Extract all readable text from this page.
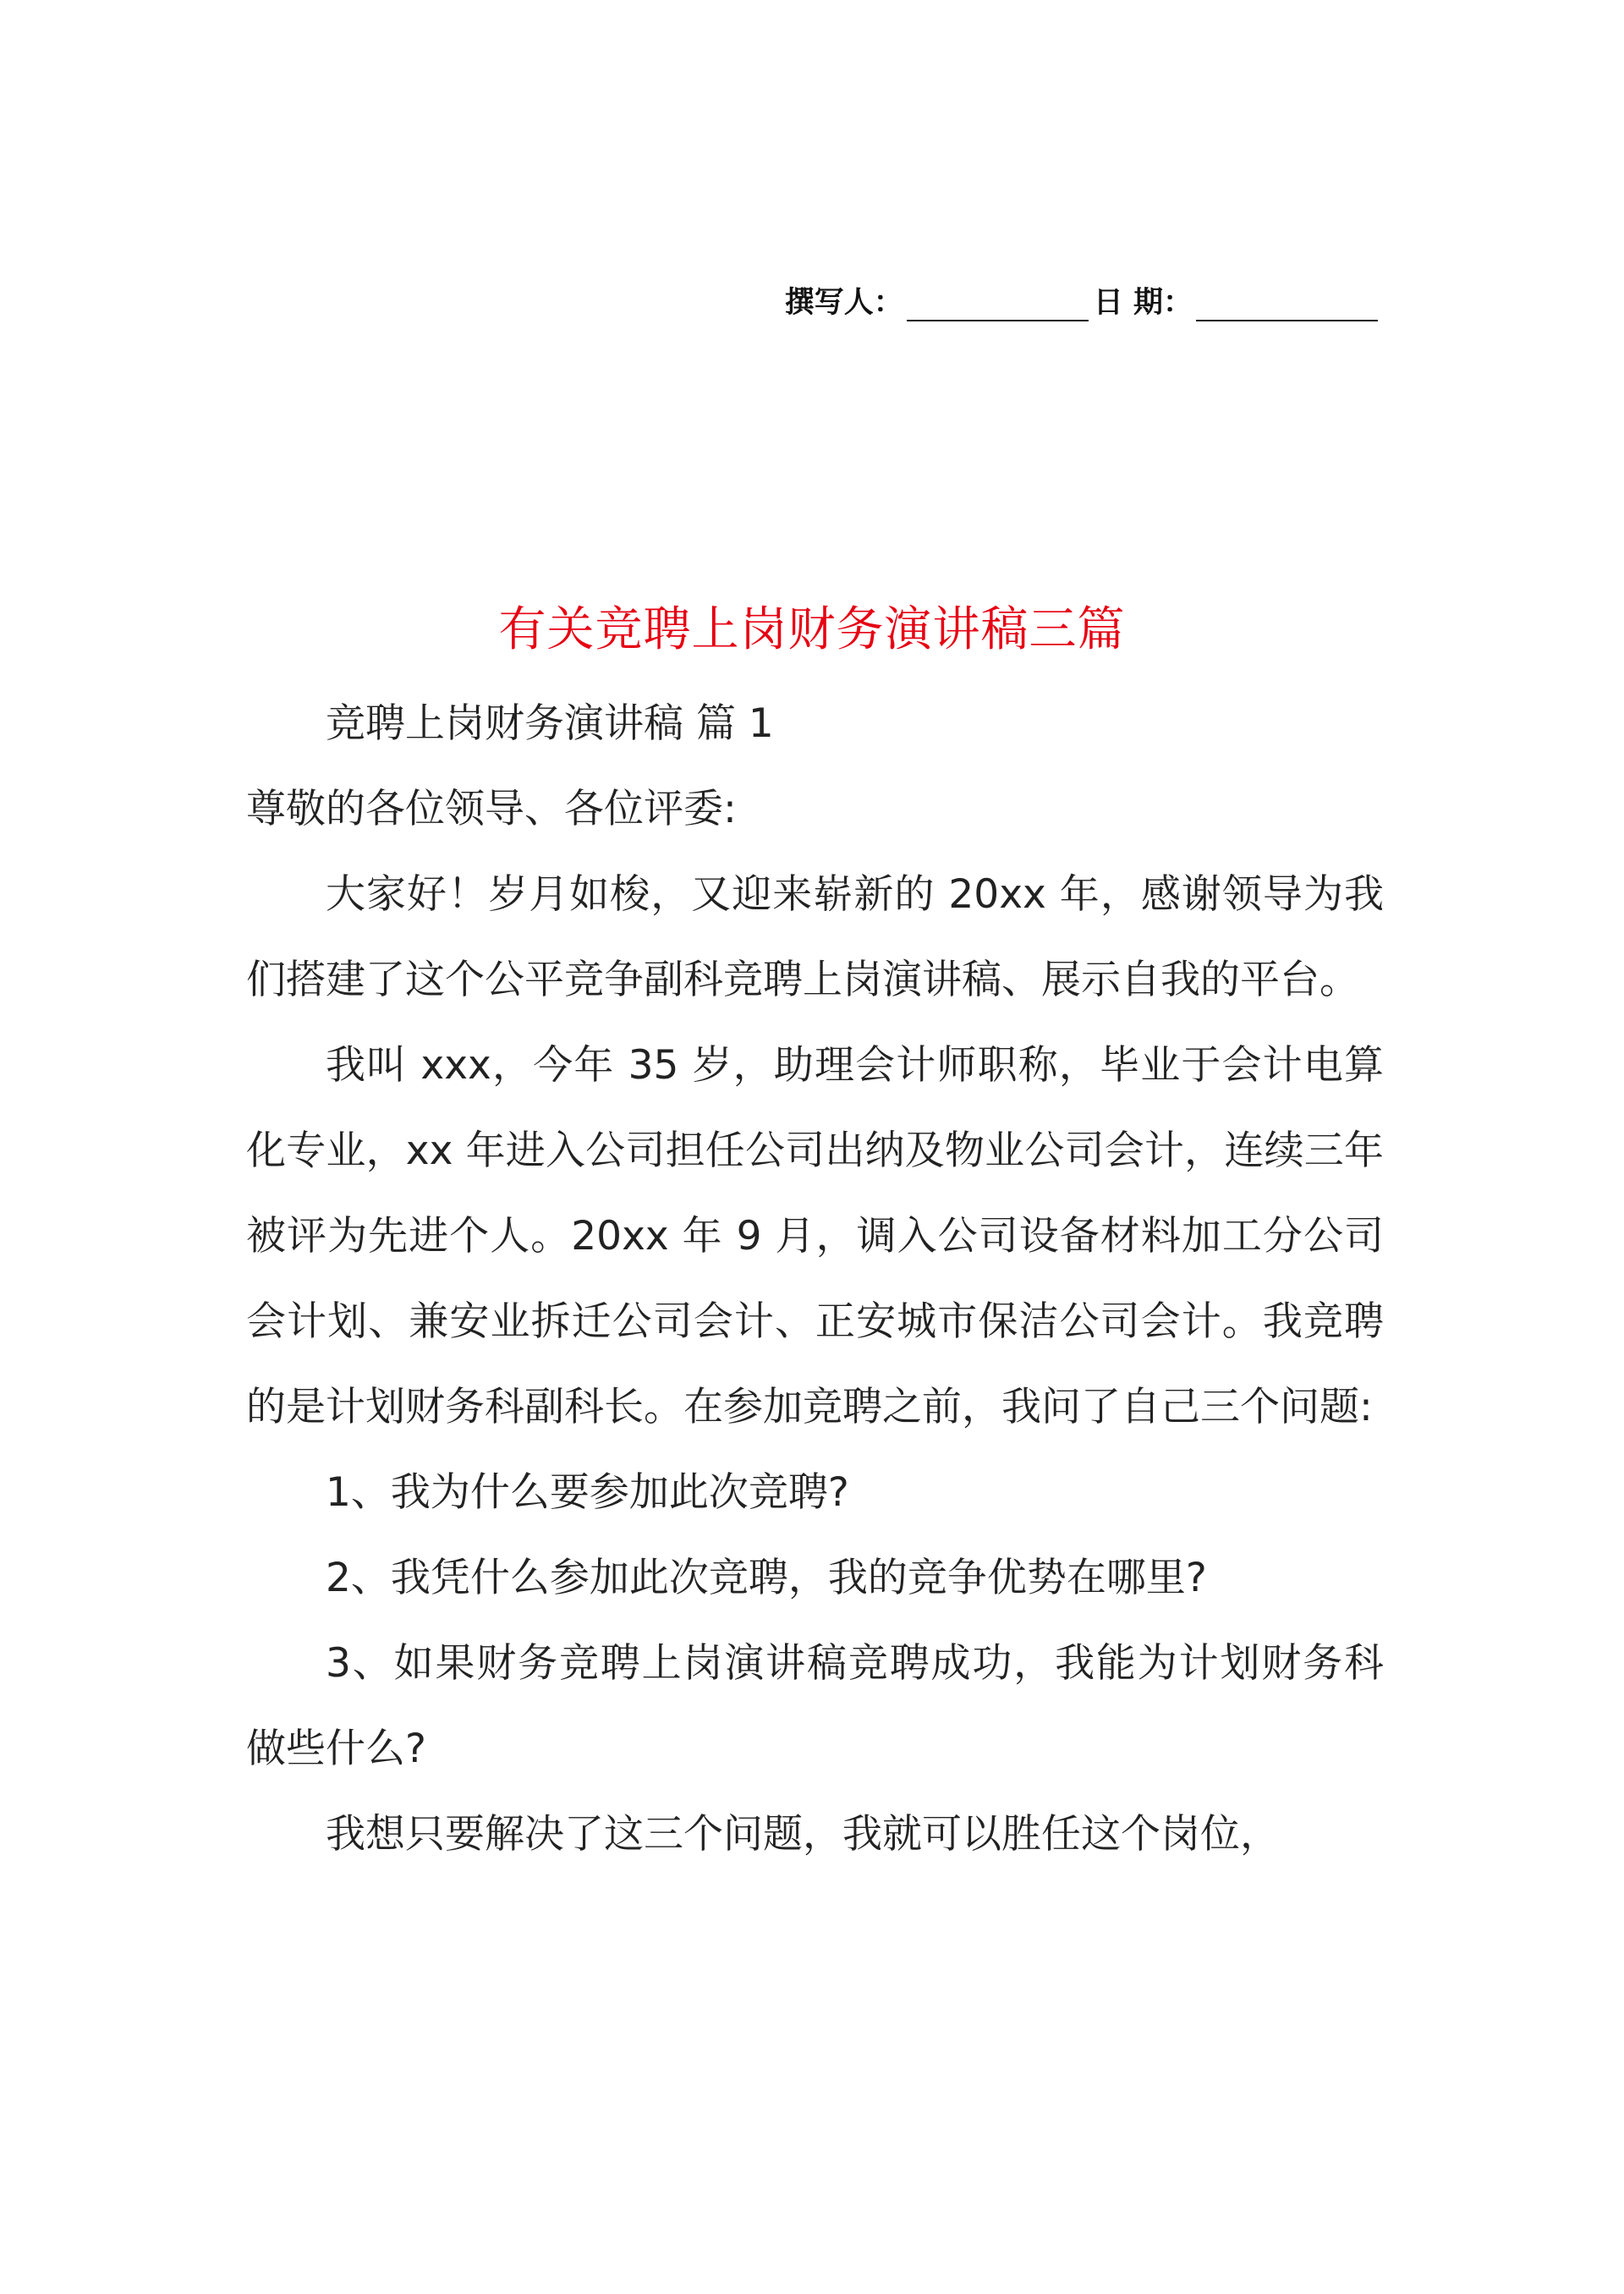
撰写人：	日 期：
有关竞聘上岗财务演讲稿三篇

竞聘上岗财务演讲稿 篇 1

尊敬的各位领导、各位评委:

大家好！岁月如梭，又迎来崭新的 20xx 年，感谢领导为我们搭建了这个公平竞争副科竞聘上岗演讲稿、展示自我的平台。

我叫 xxx，今年 35 岁，助理会计师职称，毕业于会计电算化专业，xx 年进入公司担任公司出纳及物业公司会计，连续三年被评为先进个人。20xx 年 9 月，调入公司设备材料加工分公司会计划、兼安业拆迁公司会计、正安城市保洁公司会计。我竞聘的是计划财务科副科长。在参加竞聘之前，我问了自己三个问题:

1、我为什么要参加此次竞聘?

2、我凭什么参加此次竞聘，我的竞争优势在哪里?

3、如果财务竞聘上岗演讲稿竞聘成功，我能为计划财务科做些什么?

我想只要解决了这三个问题，我就可以胜任这个岗位，
